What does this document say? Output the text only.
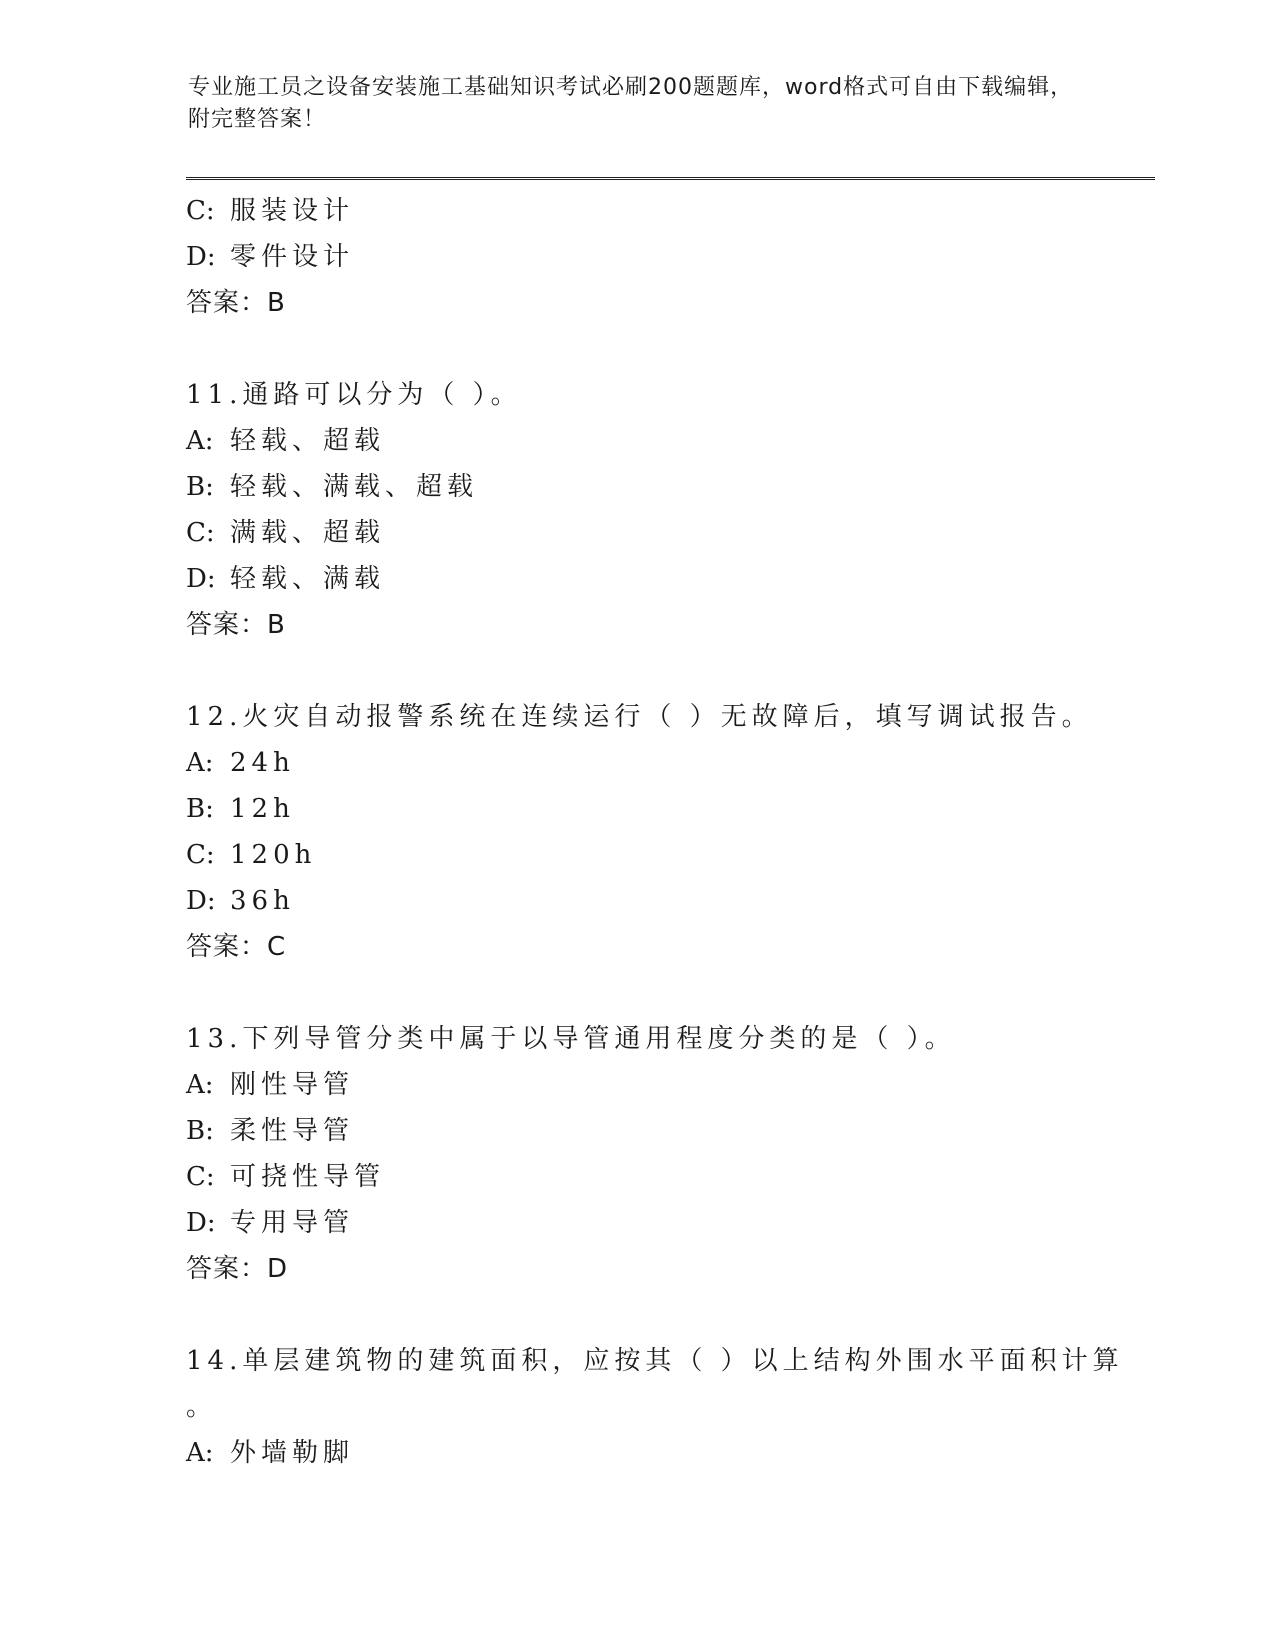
专业施工员之设备安装施工基础知识考试必刷200题题库，word格式可自由下载编辑，附完整答案！
C: 服装设计
D: 零件设计
答案：B
11.通路可以分为（ ）。
A: 轻载、超载
B: 轻载、满载、超载
C: 满载、超载
D: 轻载、满载
答案：B
12.火灾自动报警系统在连续运行（ ）无故障后，填写调试报告。
A: 24h
B: 12h
C: 120h
D: 36h
答案：C
13.下列导管分类中属于以导管通用程度分类的是（ ）。
A: 刚性导管
B: 柔性导管
C: 可挠性导管
D: 专用导管
答案：D
14.单层建筑物的建筑面积，应按其（ ）以上结构外围水平面积计算
。
A: 外墙勒脚
